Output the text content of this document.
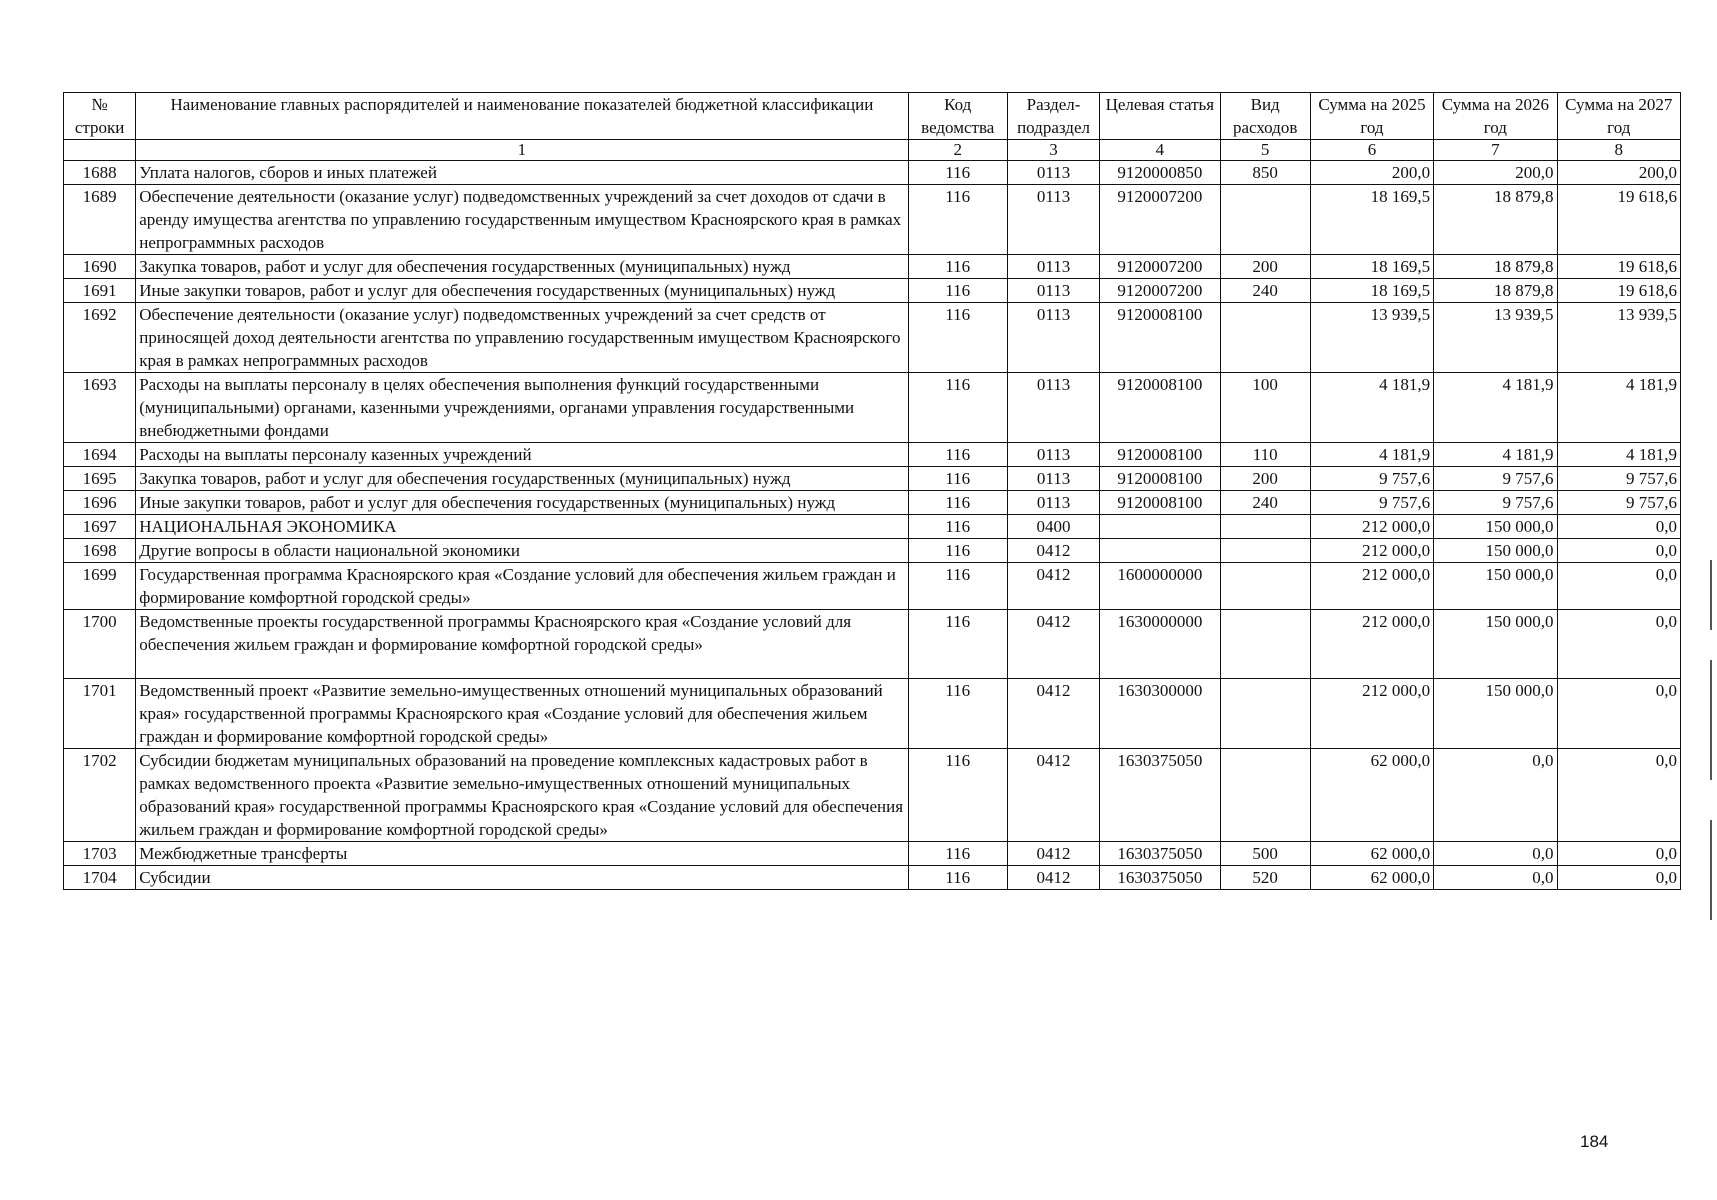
№ строки	Наименование главных распорядителей и наименование показателей бюджетной классификации	Код ведомства	Раздел-подраздел	Целевая статья	Вид расходов	Сумма на 2025 год	Сумма на 2026 год	Сумма на 2027 год
	1	2	3	4	5	6	7	8
1688	Уплата налогов, сборов и иных платежей	116	0113	9120000850	850	200,0	200,0	200,0
1689	Обеспечение деятельности (оказание услуг) подведомственных учреждений за счет доходов от сдачи в аренду имущества агентства по управлению государственным имуществом Красноярского края в рамках непрограммных расходов	116	0113	9120007200		18 169,5	18 879,8	19 618,6
1690	Закупка товаров, работ и услуг для обеспечения государственных (муниципальных) нужд	116	0113	9120007200	200	18 169,5	18 879,8	19 618,6
1691	Иные закупки товаров, работ и услуг для обеспечения государственных (муниципальных) нужд	116	0113	9120007200	240	18 169,5	18 879,8	19 618,6
1692	Обеспечение деятельности (оказание услуг) подведомственных учреждений за счет средств от приносящей доход деятельности агентства по управлению государственным имуществом Красноярского края в рамках непрограммных расходов	116	0113	9120008100		13 939,5	13 939,5	13 939,5
1693	Расходы на выплаты персоналу в целях обеспечения выполнения функций государственными (муниципальными) органами, казенными учреждениями, органами управления государственными внебюджетными фондами	116	0113	9120008100	100	4 181,9	4 181,9	4 181,9
1694	Расходы на выплаты персоналу казенных учреждений	116	0113	9120008100	110	4 181,9	4 181,9	4 181,9
1695	Закупка товаров, работ и услуг для обеспечения государственных (муниципальных) нужд	116	0113	9120008100	200	9 757,6	9 757,6	9 757,6
1696	Иные закупки товаров, работ и услуг для обеспечения государственных (муниципальных) нужд	116	0113	9120008100	240	9 757,6	9 757,6	9 757,6
1697	НАЦИОНАЛЬНАЯ ЭКОНОМИКА	116	0400			212 000,0	150 000,0	0,0
1698	Другие вопросы в области национальной экономики	116	0412			212 000,0	150 000,0	0,0
1699	Государственная программа Красноярского края «Создание условий для обеспечения жильем граждан и формирование комфортной городской среды»	116	0412	1600000000		212 000,0	150 000,0	0,0
1700	Ведомственные проекты государственной программы Красноярского края «Создание условий для обеспечения жильем граждан и формирование комфортной городской среды»	116	0412	1630000000		212 000,0	150 000,0	0,0
1701	Ведомственный проект «Развитие земельно-имущественных отношений муниципальных образований края» государственной программы Красноярского края «Создание условий для обеспечения жильем граждан и формирование комфортной городской среды»	116	0412	1630300000		212 000,0	150 000,0	0,0
1702	Субсидии бюджетам муниципальных образований на проведение комплексных кадастровых работ в рамках ведомственного проекта «Развитие земельно-имущественных отношений муниципальных образований края» государственной программы Красноярского края «Создание условий для обеспечения жильем граждан и формирование комфортной городской среды»	116	0412	1630375050		62 000,0	0,0	0,0
1703	Межбюджетные трансферты	116	0412	1630375050	500	62 000,0	0,0	0,0
1704	Субсидии	116	0412	1630375050	520	62 000,0	0,0	0,0
184
